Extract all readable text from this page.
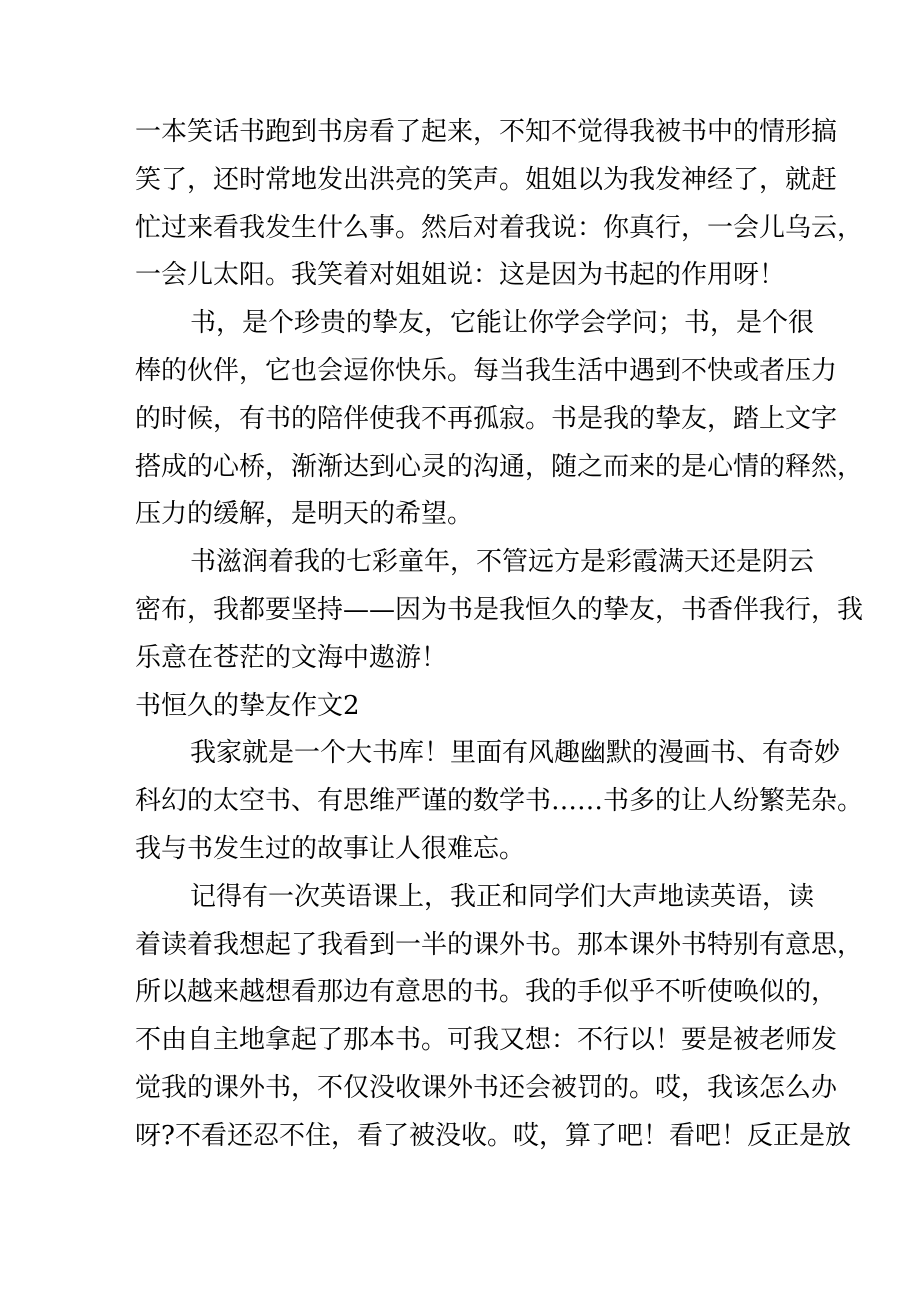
一本笑话书跑到书房看了起来，不知不觉得我被书中的情形搞
笑了，还时常地发出洪亮的笑声。姐姐以为我发神经了，就赶
忙过来看我发生什么事。然后对着我说：你真行，一会儿乌云，
一会儿太阳。我笑着对姐姐说：这是因为书起的作用呀！
书，是个珍贵的挚友，它能让你学会学问；书，是个很
棒的伙伴，它也会逗你快乐。每当我生活中遇到不快或者压力
的时候，有书的陪伴使我不再孤寂。书是我的挚友，踏上文字
搭成的心桥，渐渐达到心灵的沟通，随之而来的是心情的释然，
压力的缓解，是明天的希望。
书滋润着我的七彩童年，不管远方是彩霞满天还是阴云
密布，我都要坚持——因为书是我恒久的挚友，书香伴我行，我
乐意在苍茫的文海中遨游！
书恒久的挚友作文2
我家就是一个大书库！里面有风趣幽默的漫画书、有奇妙
科幻的太空书、有思维严谨的数学书……书多的让人纷繁芜杂。
我与书发生过的故事让人很难忘。
记得有一次英语课上，我正和同学们大声地读英语，读
着读着我想起了我看到一半的课外书。那本课外书特别有意思，
所以越来越想看那边有意思的书。我的手似乎不听使唤似的，
不由自主地拿起了那本书。可我又想：不行以！要是被老师发
觉我的课外书，不仅没收课外书还会被罚的。哎，我该怎么办
呀?不看还忍不住，看了被没收。哎，算了吧！看吧！反正是放
